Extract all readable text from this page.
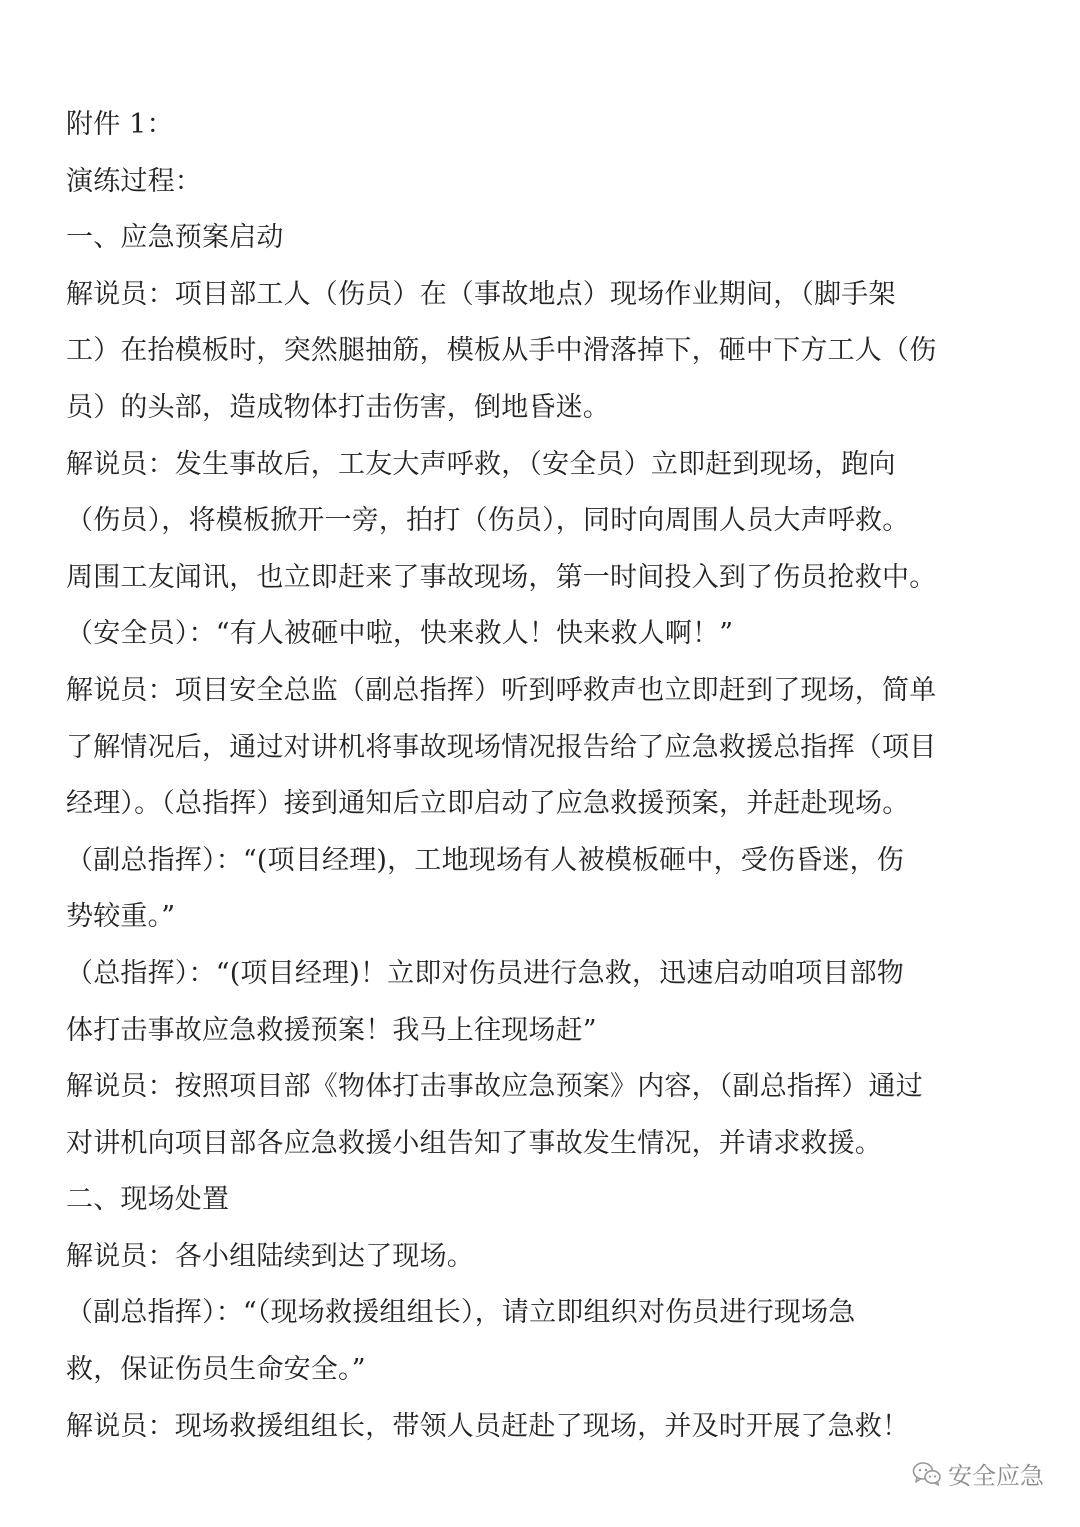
附件 1：
演练过程：
一、应急预案启动
解说员：项目部工人（伤员）在（事故地点）现场作业期间，（脚手架
工）在抬模板时，突然腿抽筋，模板从手中滑落掉下，砸中下方工人（伤
员）的头部，造成物体打击伤害，倒地昏迷。
解说员：发生事故后，工友大声呼救，（安全员）立即赶到现场，跑向
（伤员），将模板掀开一旁，拍打（伤员），同时向周围人员大声呼救。
周围工友闻讯，也立即赶来了事故现场，第一时间投入到了伤员抢救中。
（安全员）：“有人被砸中啦，快来救人！快来救人啊！”
解说员：项目安全总监（副总指挥）听到呼救声也立即赶到了现场，简单
了解情况后，通过对讲机将事故现场情况报告给了应急救援总指挥（项目
经理）。（总指挥）接到通知后立即启动了应急救援预案，并赶赴现场。
（副总指挥）：“(项目经理)，工地现场有人被模板砸中，受伤昏迷，伤
势较重。”
（总指挥）：“(项目经理)！立即对伤员进行急救，迅速启动咱项目部物
体打击事故应急救援预案！我马上往现场赶”
解说员：按照项目部《物体打击事故应急预案》内容，（副总指挥）通过
对讲机向项目部各应急救援小组告知了事故发生情况，并请求救援。
二、现场处置
解说员：各小组陆续到达了现场。
（副总指挥）：“（现场救援组组长），请立即组织对伤员进行现场急
救，保证伤员生命安全。”
解说员：现场救援组组长，带领人员赶赴了现场，并及时开展了急救！
安全应急
